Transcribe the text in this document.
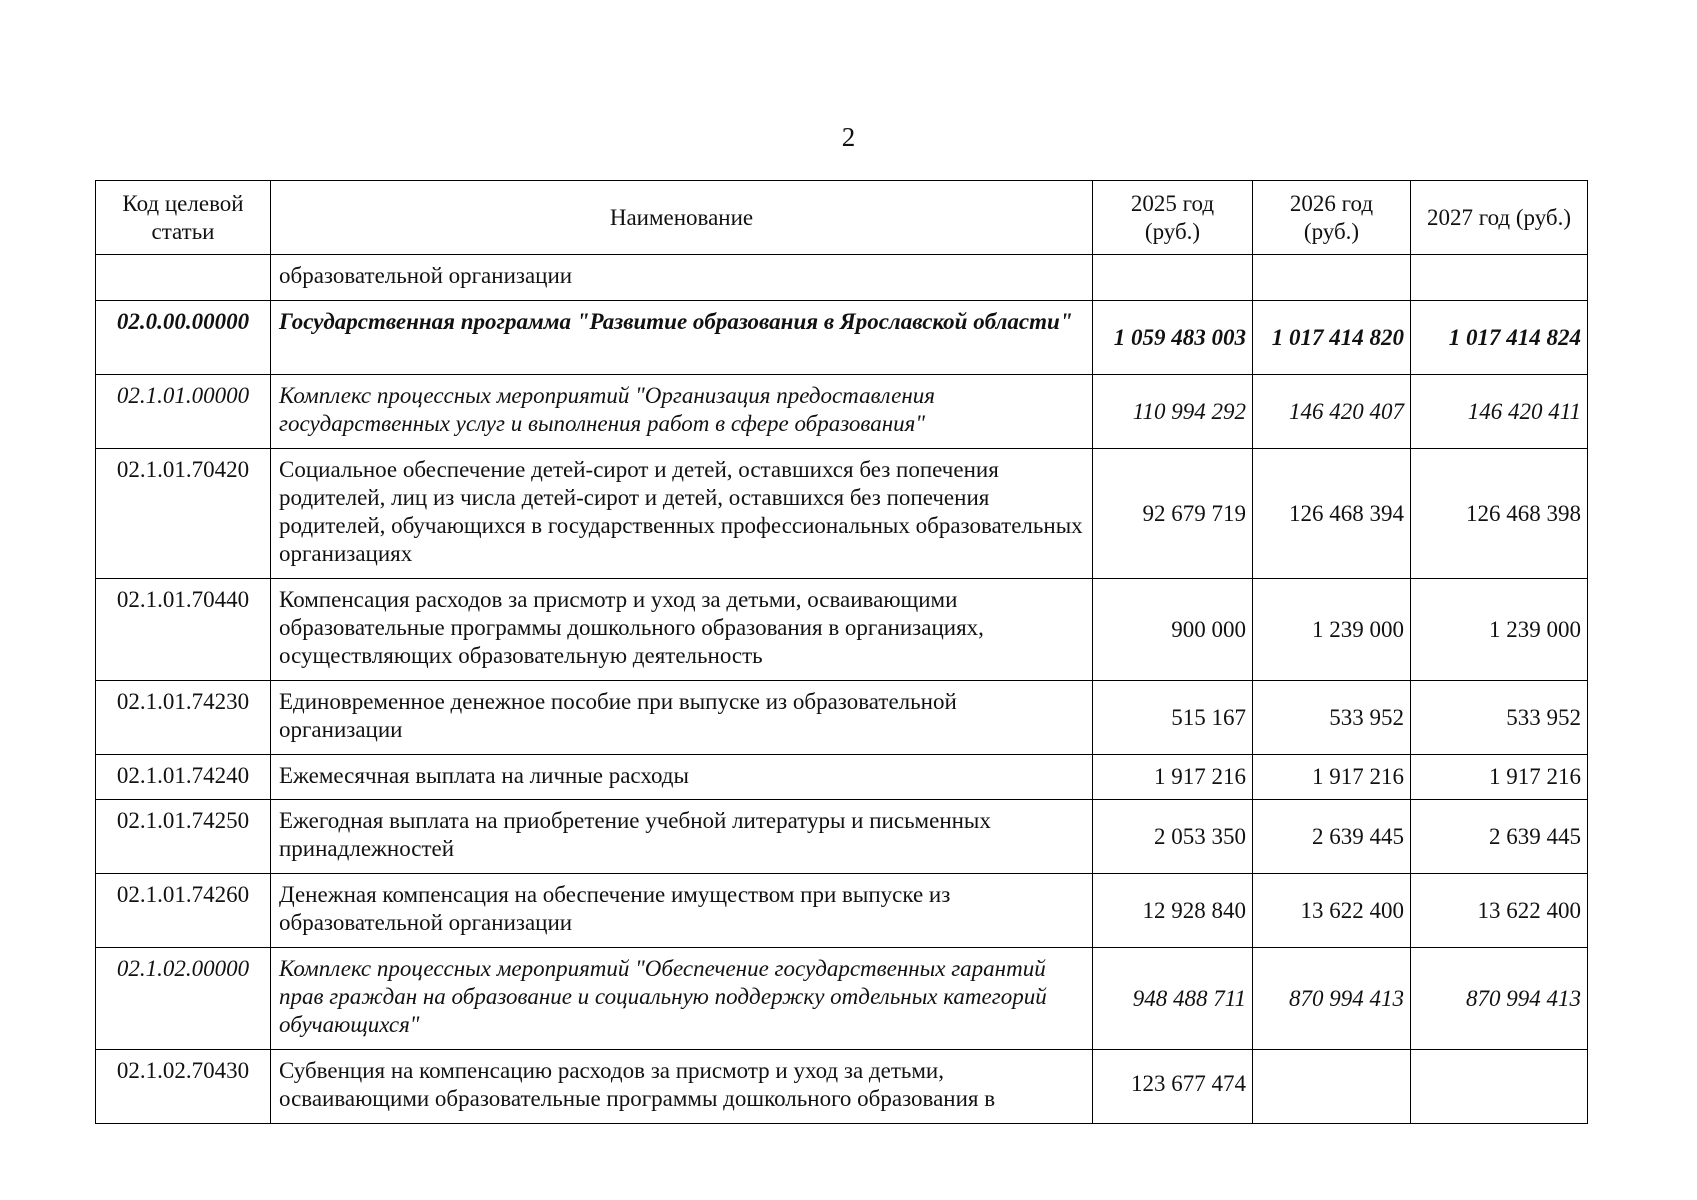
2
Код целевой статьи	Наименование	2025 год (руб.)	2026 год (руб.)	2027 год (руб.)
	образовательной организации			
02.0.00.00000	Государственная программа "Развитие образования в Ярославской области"	1 059 483 003	1 017 414 820	1 017 414 824
02.1.01.00000	Комплекс процессных мероприятий "Организация предоставления государственных услуг и выполнения работ в сфере образования"	110 994 292	146 420 407	146 420 411
02.1.01.70420	Социальное обеспечение детей-сирот и детей, оставшихся без попечения родителей, лиц из числа детей-сирот и детей, оставшихся без попечения родителей, обучающихся в государственных профессиональных образовательных организациях	92 679 719	126 468 394	126 468 398
02.1.01.70440	Компенсация расходов за присмотр и уход за детьми, осваивающими образовательные программы дошкольного образования в организациях, осуществляющих образовательную деятельность	900 000	1 239 000	1 239 000
02.1.01.74230	Единовременное денежное пособие при выпуске из образовательной организации	515 167	533 952	533 952
02.1.01.74240	Ежемесячная выплата на личные расходы	1 917 216	1 917 216	1 917 216
02.1.01.74250	Ежегодная выплата на приобретение учебной литературы и письменных принадлежностей	2 053 350	2 639 445	2 639 445
02.1.01.74260	Денежная компенсация на обеспечение имуществом при выпуске из образовательной организации	12 928 840	13 622 400	13 622 400
02.1.02.00000	Комплекс процессных мероприятий "Обеспечение государственных гарантий прав граждан на образование и социальную поддержку отдельных категорий обучающихся"	948 488 711	870 994 413	870 994 413
02.1.02.70430	Субвенция на компенсацию расходов за присмотр и уход за детьми, осваивающими образовательные программы дошкольного образования в	123 677 474		
